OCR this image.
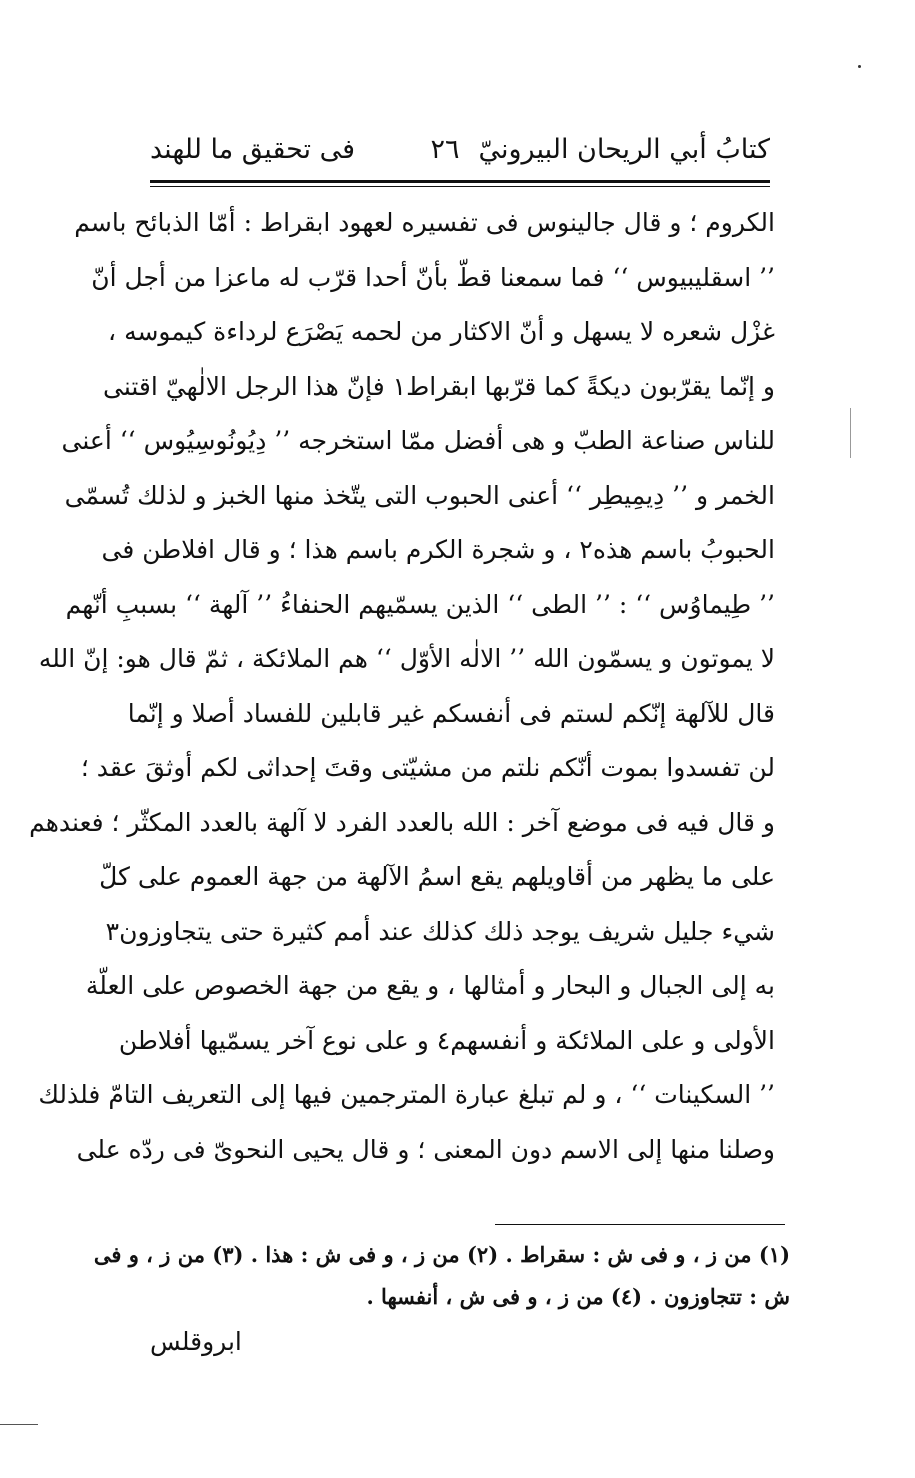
كتابُ أبي الريحان البيرونيّ
٢٦
فى تحقيق ما للهند
الكروم ؛ و قال جالينوس فى تفسيره لعهود ابقراط : أمّا الذبائح باسم
’’ اسقليبيوس ‘‘ فما سمعنا قطّ بأنّ أحدا قرّب له ماعزا من أجل أنّ
غزْل شعره لا يسهل و أنّ الاكثار من لحمه يَصْرَع لرداءة كيموسه ،
و إنّما يقرّبون ديكةً كما قرّبها ابقراط١ فإنّ هذا الرجل الالٰهيّ اقتنى
للناس صناعة الطبّ و هى أفضل ممّا استخرجه ’’ دِيُونُوسِيُوس ‘‘ أعنى
الخمر و ’’ دِيمِيطِر ‘‘ أعنى الحبوب التى يتّخذ منها الخبز و لذلك تُسمّى
الحبوبُ باسم هذه٢ ، و شجرة الكرم باسم هذا ؛ و قال افلاطن فى
’’ طِيماوُس ‘‘ : ’’ الطى ‘‘ الذين يسمّيهم الحنفاءُ ’’ آلهة ‘‘ بسببِ أنّهم
لا يموتون و يسمّون الله ’’ الالٰه الأوّل ‘‘ هم الملائكة ، ثمّ قال هو: إنّ الله
قال للآلهة إنّكم لستم فى أنفسكم غير قابلين للفساد أصلا و إنّما
لن تفسدوا بموت أنّكم نلتم من مشيّتى وقتَ إحداثى لكم أوثقَ عقد ؛
و قال فيه فى موضع آخر : الله بالعدد الفرد لا آلهة بالعدد المكثّر ؛ فعندهم
على ما يظهر من أقاويلهم يقع اسمُ الآلهة من جهة العموم على كلّ
شيء جليل شريف يوجد ذلك كذلك عند أمم كثيرة حتى يتجاوزون٣
به إلى الجبال و البحار و أمثالها ، و يقع من جهة الخصوص على العلّة
الأولى و على الملائكة و أنفسهم٤ و على نوع آخر يسمّيها أفلاطن
’’ السكينات ‘‘ ، و لم تبلغ عبارة المترجمين فيها إلى التعريف التامّ فلذلك
وصلنا منها إلى الاسم دون المعنى ؛ و قال يحيى النحوىّ فى ردّه على
(١) من ز ، و فى ش : سقراط . (٢) من ز ، و فى ش : هذا . (٣) من ز ، و فى
ش : تتجاوزون . (٤) من ز ، و فى ش ، أنفسها .
ابروقلس
